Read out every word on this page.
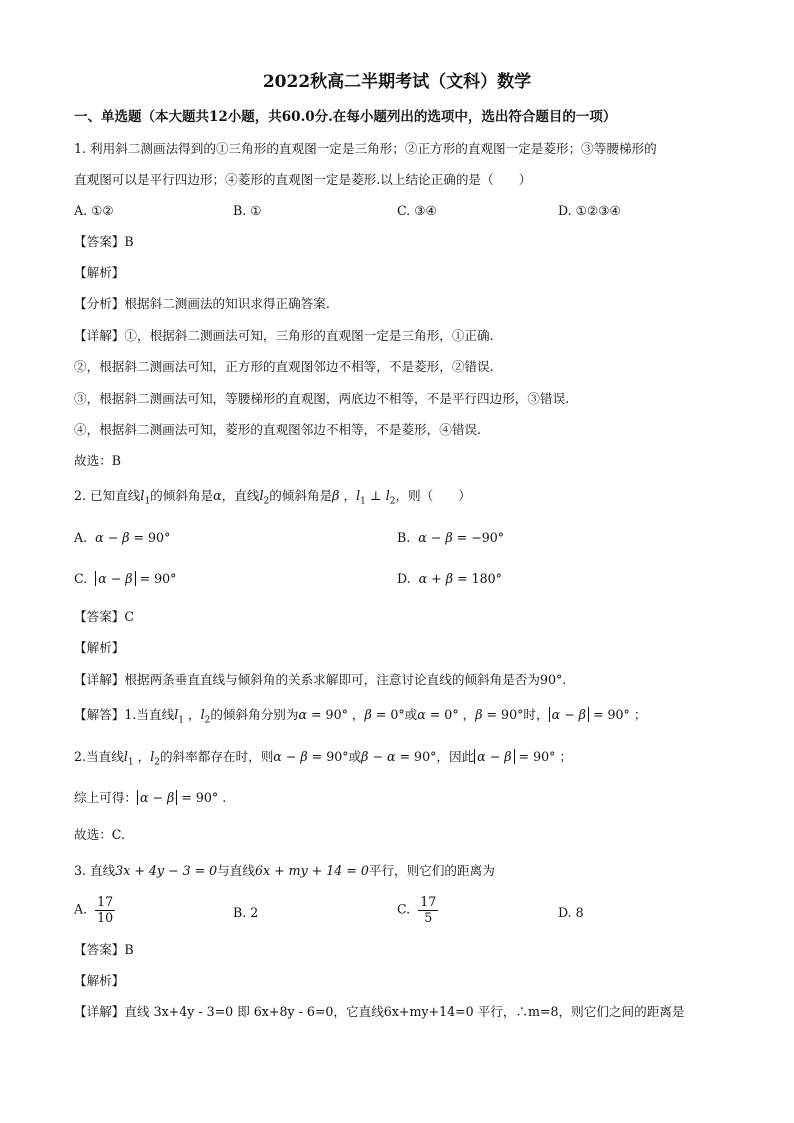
2022秋高二半期考试（文科）数学
一、单选题（本大题共12小题，共60.0分.在每小题列出的选项中，选出符合题目的一项）
1. 利用斜二测画法得到的①三角形的直观图一定是三角形；②正方形的直观图一定是菱形；③等腰梯形的
直观图可以是平行四边形；④菱形的直观图一定是菱形.以上结论正确的是（　　）
A. ①②	B. ①	C. ③④	D. ①②③④
【答案】B
【解析】
【分析】根据斜二测画法的知识求得正确答案.
【详解】①，根据斜二测画法可知，三角形的直观图一定是三角形，①正确.
②，根据斜二测画法可知，正方形的直观图邻边不相等，不是菱形，②错误.
③，根据斜二测画法可知，等腰梯形的直观图，两底边不相等，不是平行四边形，③错误.
④，根据斜二测画法可知，菱形的直观图邻边不相等，不是菱形，④错误.
故选：B
2. 已知直线$l_1$的倾斜角是α，直线$l_2$的倾斜角是β ，$l_1$ ⊥ $l_2$，则（　　）
A. α − β = 90°	B. α − β = −90°
C. α − β = 90°	D. α + β = 180°
【答案】C
【解析】
【详解】根据两条垂直直线与倾斜角的关系求解即可，注意讨论直线的倾斜角是否为90°.
【解答】1.当直线$l_1$ ，$l_2$的倾斜角分别为α = 90° ，β = 0°或α = 0° ，β = 90°时， α − β = 90° ；
2.当直线$l_1$ ，$l_2$的斜率都存在时，则α − β = 90°或β − α = 90°，因此 α − β = 90° ；
综上可得： α − β = 90° .
故选：C.
3. 直线3x + 4y − 3 = 0与直线6x + my + 14 = 0平行，则它们的距离为
A. $\frac{17}{10}$	B. 2	C. $\frac{17}{5}$	D. 8
【答案】B
【解析】
【详解】直线 3x+4y - 3=0 即 6x+8y - 6=0，它直线6x+my+14=0 平行，∴m=8，则它们之间的距离是
